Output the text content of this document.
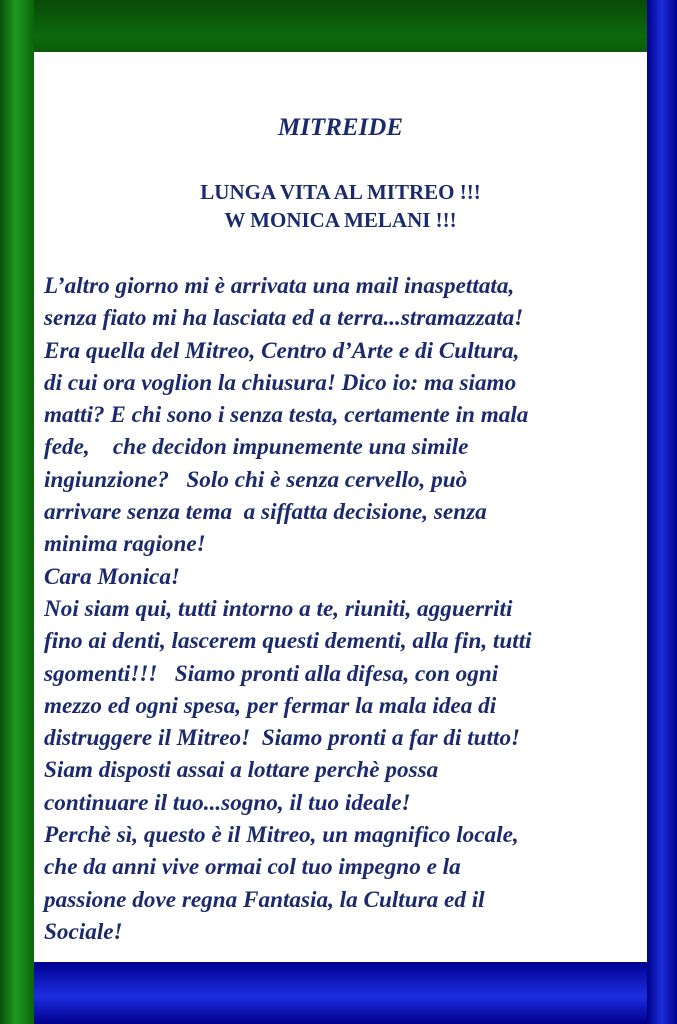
MITREIDE
LUNGA VITA AL MITREO !!!
W MONICA MELANI !!!
L’altro giorno mi è arrivata una mail inaspettata,
senza fiato mi ha lasciata ed a terra...stramazzata!
Era quella del Mitreo, Centro d’Arte e di Cultura,
di cui ora voglion la chiusura! Dico io: ma siamo
matti? E chi sono i senza testa, certamente in mala
fede,    che decidon impunemente una simile
ingiunzione?   Solo chi è senza cervello, può
arrivare senza tema  a siffatta decisione, senza
minima ragione!
Cara Monica!
Noi siam qui, tutti intorno a te, riuniti, agguerriti
fino ai denti, lascerem questi dementi, alla fin, tutti
sgomenti!!!   Siamo pronti alla difesa, con ogni
mezzo ed ogni spesa, per fermar la mala idea di
distruggere il Mitreo!  Siamo pronti a far di tutto!
Siam disposti assai a lottare perchè possa
continuare il tuo...sogno, il tuo ideale!
Perchè sì, questo è il Mitreo, un magnifico locale,
che da anni vive ormai col tuo impegno e la
passione dove regna Fantasia, la Cultura ed il
Sociale!
